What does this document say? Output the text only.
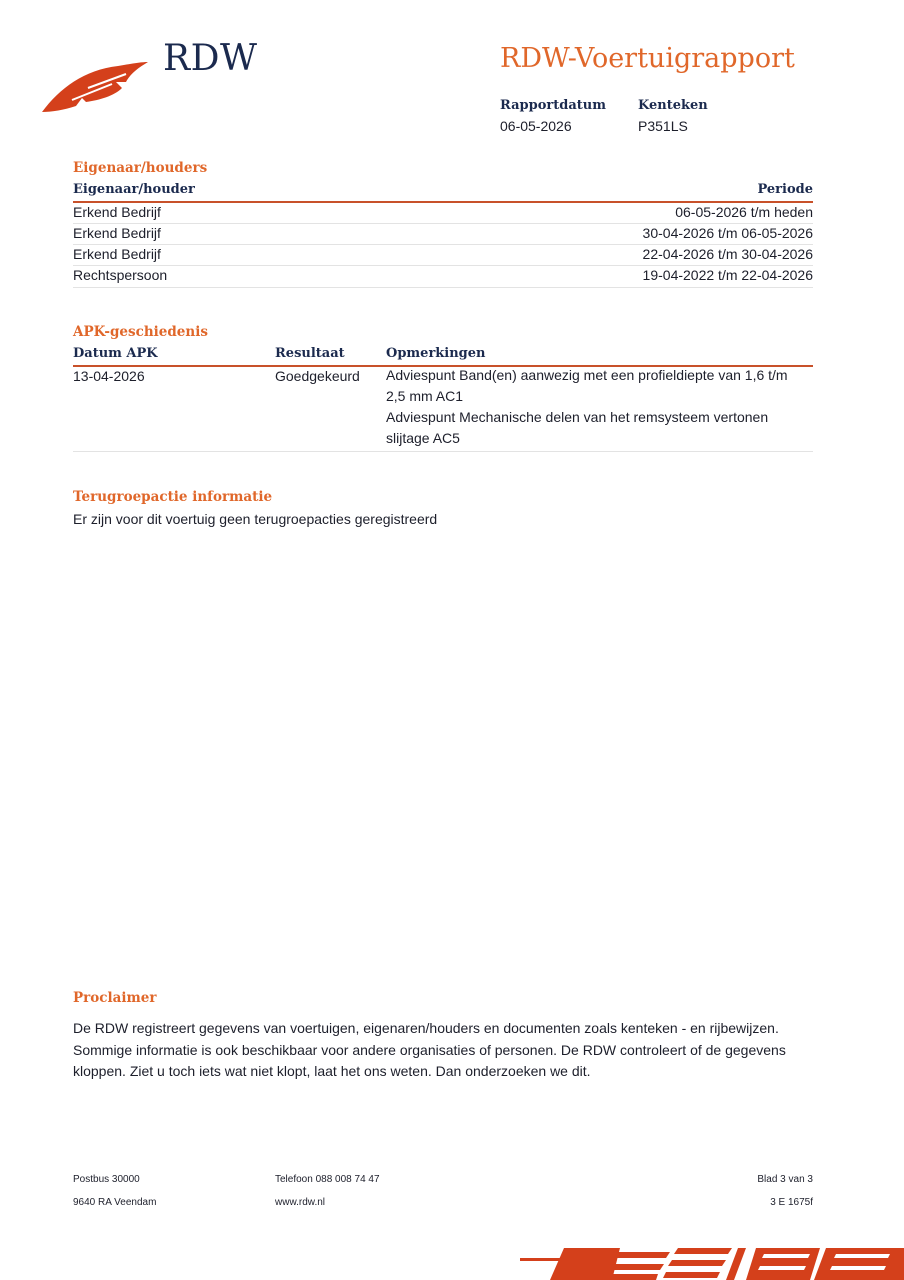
RDW	RDW-Voertuigrapport
Rapportdatum
06-05-2026
Kenteken
P351LS
Eigenaar/houders
Eigenaar/houder	Periode
Erkend Bedrijf	06-05-2026 t/m heden
Erkend Bedrijf	30-04-2026 t/m 06-05-2026
Erkend Bedrijf	22-04-2026 t/m 30-04-2026
Rechtspersoon	19-04-2022 t/m 22-04-2026
APK-geschiedenis
Datum APK	Resultaat	Opmerkingen
13-04-2026	Goedgekeurd Adviespunt Band(en) aanwezig met een profieldiepte van 1,6 t/m 2,5 mm AC1
Adviespunt Mechanische delen van het remsysteem vertonen slijtage AC5
Terugroepactie informatie
Er zijn voor dit voertuig geen terugroepacties geregistreerd
Proclaimer
De RDW registreert gegevens van voertuigen, eigenaren/houders en documenten zoals kenteken - en rijbewijzen. Sommige informatie is ook beschikbaar voor andere organisaties of personen. De RDW controleert of de gegevens kloppen. Ziet u toch iets wat niet klopt, laat het ons weten. Dan onderzoeken we dit.
Postbus 30000
9640 RA Veendam
Telefoon 088 008 74 47
www.rdw.nl
Blad 3 van 3
3 E 1675f
